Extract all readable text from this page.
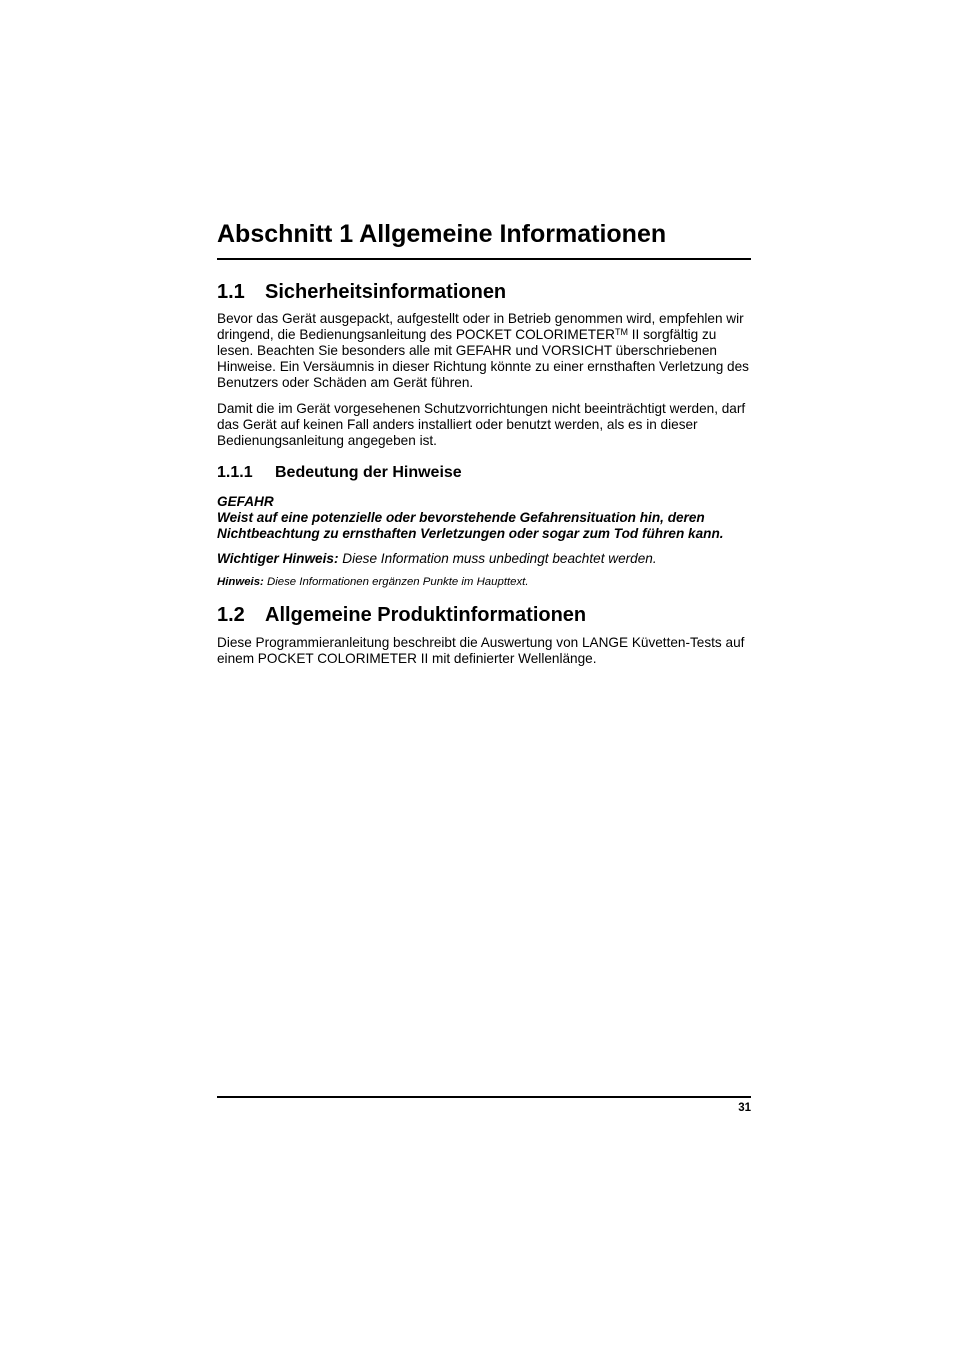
Abschnitt 1 Allgemeine Informationen
1.1 Sicherheitsinformationen

Bevor das Gerät ausgepackt, aufgestellt oder in Betrieb genommen wird, empfehlen wir dringend, die Bedienungsanleitung des POCKET COLORIMETER™ II sorgfältig zu lesen. Beachten Sie besonders alle mit GEFAHR und VORSICHT überschriebenen Hinweise. Ein Versäumnis in dieser Richtung könnte zu einer ernsthaften Verletzung des Benutzers oder Schäden am Gerät führen.

Damit die im Gerät vorgesehenen Schutzvorrichtungen nicht beeinträchtigt werden, darf das Gerät auf keinen Fall anders installiert oder benutzt werden, als es in dieser Bedienungsanleitung angegeben ist.

1.1.1 Bedeutung der Hinweise

GEFAHR
Weist auf eine potenzielle oder bevorstehende Gefahrensituation hin, deren Nichtbeachtung zu ernsthaften Verletzungen oder sogar zum Tod führen kann.

Wichtiger Hinweis: Diese Information muss unbedingt beachtet werden.

Hinweis: Diese Informationen ergänzen Punkte im Haupttext.

1.2 Allgemeine Produktinformationen

Diese Programmieranleitung beschreibt die Auswertung von LANGE Küvetten-Tests auf einem POCKET COLORIMETER II mit definierter Wellenlänge.

31
